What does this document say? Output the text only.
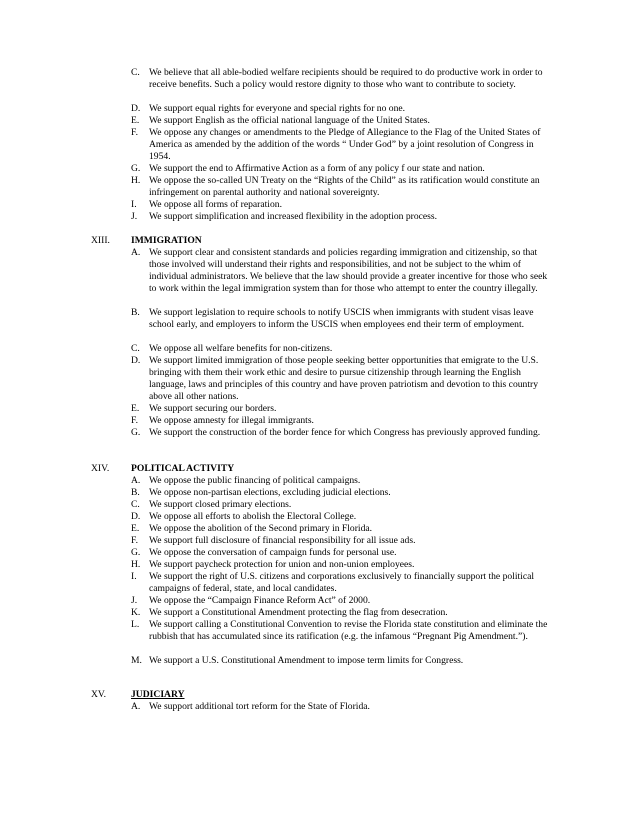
C. We believe that all able-bodied welfare recipients should be required to do productive work in order to receive benefits. Such a policy would restore dignity to those who want to contribute to society.
D. We support equal rights for everyone and special rights for no one.
E. We support English as the official national language of the United States.
F. We oppose any changes or amendments to the Pledge of Allegiance to the Flag of the United States of America as amended by the addition of the words “ Under God” by a joint resolution of Congress in 1954.
G. We support the end to Affirmative Action as a form of any policy f our state and nation.
H. We oppose the so-called UN Treaty on the “Rights of the Child” as its ratification would constitute an infringement on parental authority and national sovereignty.
I. We oppose all forms of reparation.
J. We support simplification and increased flexibility in the adoption process.
XIII. IMMIGRATION
A. We support clear and consistent standards and policies regarding immigration and citizenship, so that those involved will understand their rights and responsibilities, and not be subject to the whim of individual administrators. We believe that the law should provide a greater incentive for those who seek to work within the legal immigration system than for those who attempt to enter the country illegally.
B. We support legislation to require schools to notify USCIS when immigrants with student visas leave school early, and employers to inform the USCIS when employees end their term of employment.
C. We oppose all welfare benefits for non-citizens.
D. We support limited immigration of those people seeking better opportunities that emigrate to the U.S. bringing with them their work ethic and desire to pursue citizenship through learning the English language, laws and principles of this country and have proven patriotism and devotion to this country above all other nations.
E. We support securing our borders.
F. We oppose amnesty for illegal immigrants.
G. We support the construction of the border fence for which Congress has previously approved funding.
XIV. POLITICAL ACTIVITY
A. We oppose the public financing of political campaigns.
B. We oppose non-partisan elections, excluding judicial elections.
C. We support closed primary elections.
D. We oppose all efforts to abolish the Electoral College.
E. We oppose the abolition of the Second primary in Florida.
F. We support full disclosure of financial responsibility for all issue ads.
G. We oppose the conversation of campaign funds for personal use.
H. We support paycheck protection for union and non-union employees.
I. We support the right of U.S. citizens and corporations exclusively to financially support the political campaigns of federal, state, and local candidates.
J. We oppose the “Campaign Finance Reform Act” of 2000.
K. We support a Constitutional Amendment protecting the flag from desecration.
L. We support calling a Constitutional Convention to revise the Florida state constitution and eliminate the rubbish that has accumulated since its ratification (e.g. the infamous “Pregnant Pig Amendment.”).
M. We support a U.S. Constitutional Amendment to impose term limits for Congress.
XV.	JUDICIARY
A. We support additional tort reform for the State of Florida.
